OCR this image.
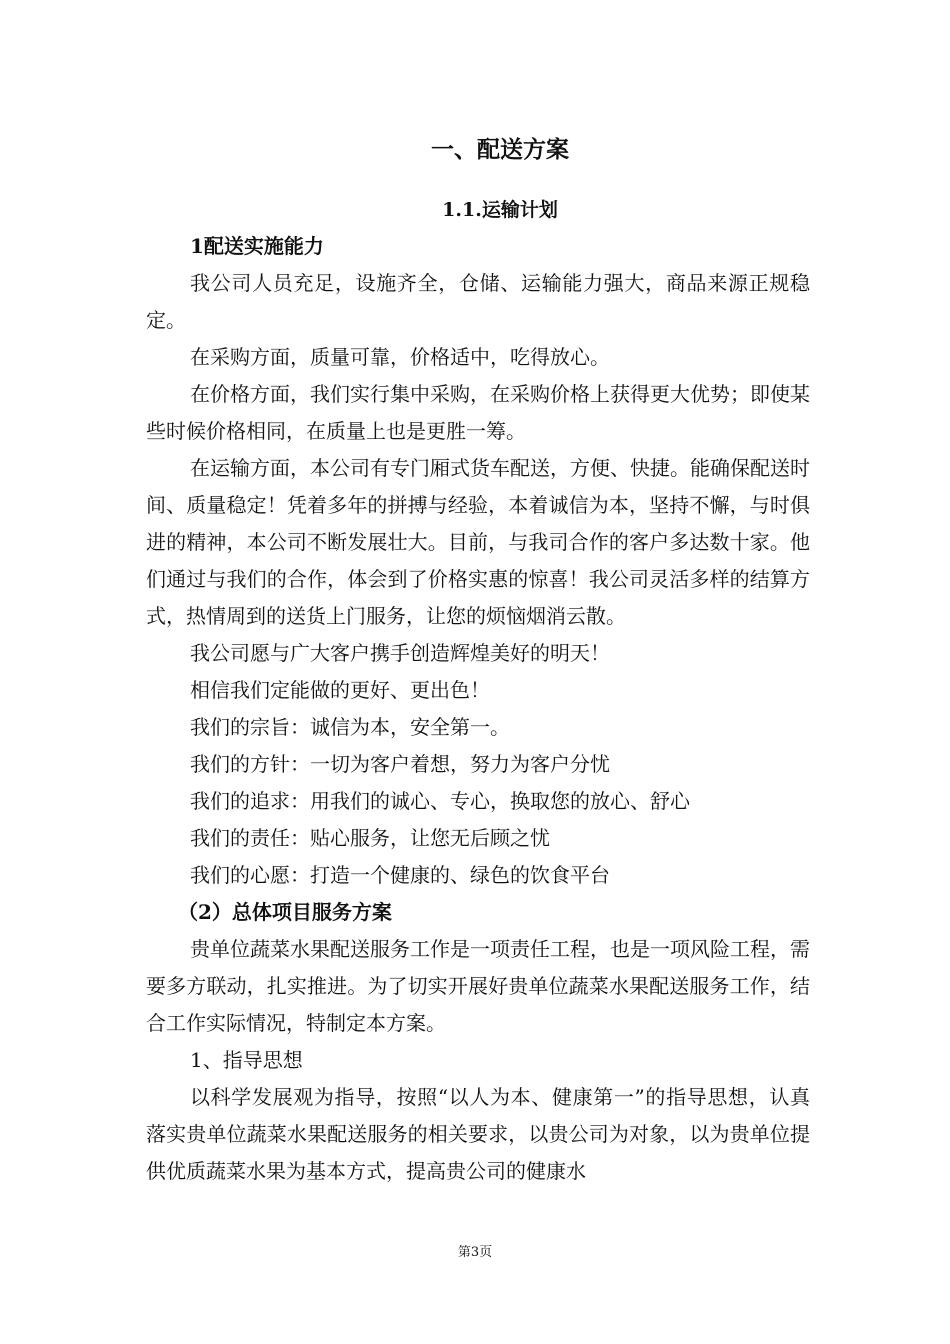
一、配送方案
1.1.运输计划

1配送实施能力

我公司人员充足，设施齐全，仓储、运输能力强大，商品来源正规稳定。

在采购方面，质量可靠，价格适中，吃得放心。

在价格方面，我们实行集中采购，在采购价格上获得更大优势；即使某些时候价格相同，在质量上也是更胜一筹。

在运输方面，本公司有专门厢式货车配送，方便、快捷。能确保配送时间、质量稳定！凭着多年的拼搏与经验，本着诚信为本，坚持不懈，与时俱进的精神，本公司不断发展壮大。目前，与我司合作的客户多达数十家。他们通过与我们的合作，体会到了价格实惠的惊喜！我公司灵活多样的结算方式，热情周到的送货上门服务，让您的烦恼烟消云散。

我公司愿与广大客户携手创造辉煌美好的明天！

相信我们定能做的更好、更出色！

我们的宗旨：诚信为本，安全第一。

我们的方针：一切为客户着想，努力为客户分忧

我们的追求：用我们的诚心、专心，换取您的放心、舒心

我们的责任：贴心服务，让您无后顾之忧

我们的心愿：打造一个健康的、绿色的饮食平台

（2）总体项目服务方案

贵单位蔬菜水果配送服务工作是一项责任工程，也是一项风险工程，需要多方联动，扎实推进。为了切实开展好贵单位蔬菜水果配送服务工作，结合工作实际情况，特制定本方案。

1、指导思想

以科学发展观为指导，按照“以人为本、健康第一”的指导思想，认真落实贵单位蔬菜水果配送服务的相关要求，以贵公司为对象，以为贵单位提供优质蔬菜水果为基本方式，提高贵公司的健康水

第3页
